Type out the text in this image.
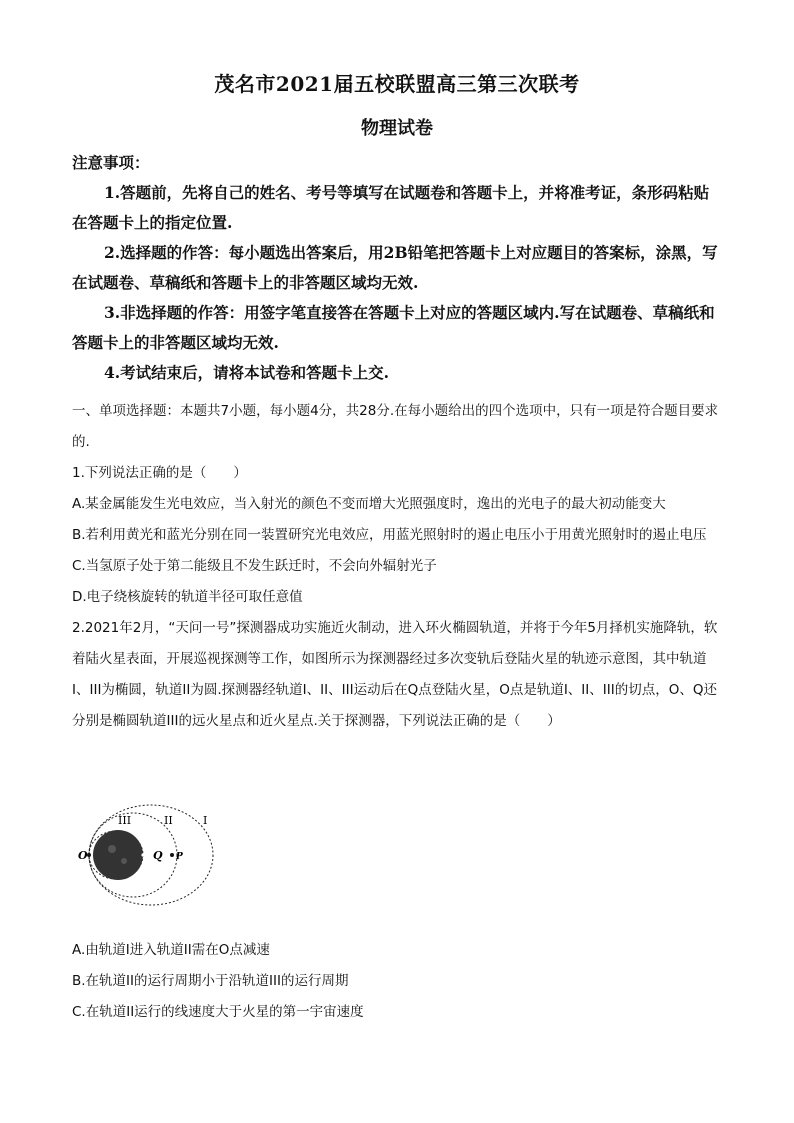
茂名市2021届五校联盟高三第三次联考
物理试卷
注意事项：

1.答题前，先将自己的姓名、考号等填写在试题卷和答题卡上，并将准考证，条形码粘贴在答题卡上的指定位置.

2.选择题的作答：每小题选出答案后，用2B铅笔把答题卡上对应题目的答案标，涂黑，写在试题卷、草稿纸和答题卡上的非答题区域均无效.

3.非选择题的作答：用签字笔直接答在答题卡上对应的答题区域内.写在试题卷、草稿纸和答题卡上的非答题区域均无效.

4.考试结束后，请将本试卷和答题卡上交.

一、单项选择题：本题共7小题，每小题4分，共28分.在每小题给出的四个选项中，只有一项是符合题目要求的.

1.下列说法正确的是（　　）

A.某金属能发生光电效应，当入射光的颜色不变而增大光照强度时，逸出的光电子的最大初动能变大

B.若利用黄光和蓝光分别在同一装置研究光电效应，用蓝光照射时的遏止电压小于用黄光照射时的遏止电压

C.当氢原子处于第二能级且不发生跃迁时，不会向外辐射光子

D.电子绕核旋转的轨道半径可取任意值

2.2021年2月，“天问一号”探测器成功实施近火制动，进入环火椭圆轨道，并将于今年5月择机实施降轨，软着陆火星表面，开展巡视探测等工作，如图所示为探测器经过多次变轨后登陆火星的轨迹示意图，其中轨道I、III为椭圆，轨道II为圆.探测器经轨道I、II、III运动后在Q点登陆火星，O点是轨道I、II、III的切点，O、Q还分别是椭圆轨道III的远火星点和近火星点.关于探测器，下列说法正确的是（　　）

O	Q P
III	II	I

A.由轨道I进入轨道II需在O点减速

B.在轨道II的运行周期小于沿轨道III的运行周期

C.在轨道II运行的线速度大于火星的第一宇宙速度
